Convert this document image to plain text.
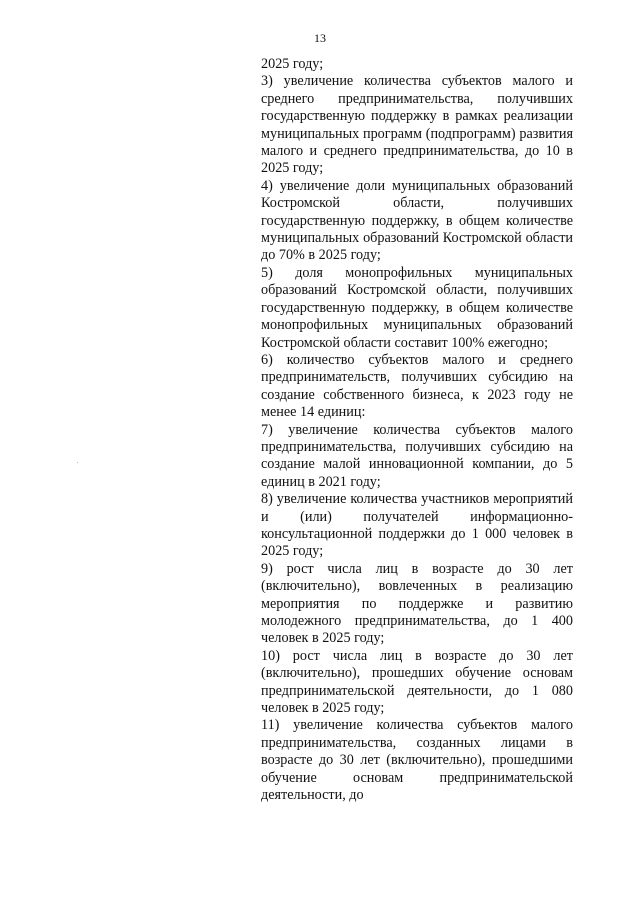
13

2025 году;

3) увеличение количества субъектов малого и среднего предпринимательства, получивших государственную поддержку в рамках реализации муниципальных программ (подпрограмм) развития малого и среднего предпринимательства, до 10 в 2025 году;

4) увеличение доли муниципальных образований Костромской области, получивших государственную поддержку, в общем количестве муниципальных образований Костромской области до 70% в 2025 году;

5) доля монопрофильных муниципальных образований Костромской области, получивших государственную поддержку, в общем количестве монопрофильных муниципальных образований Костромской области составит 100% ежегодно;

6) количество субъектов малого и среднего предпринимательств, получивших субсидию на создание собственного бизнеса, к 2023 году не менее 14 единиц:

7) увеличение количества субъектов малого предпринимательства, получивших субсидию на создание малой инновационной компании, до 5 единиц в 2021 году;

8) увеличение количества участников мероприятий и (или) получателей информационно-консультационной поддержки до 1 000 человек в 2025 году;

9) рост числа лиц в возрасте до 30 лет (включительно), вовлеченных в реализацию мероприятия по поддержке и развитию молодежного предпринимательства, до 1 400 человек в 2025 году;

10) рост числа лиц в возрасте до 30 лет (включительно), прошедших обучение основам предпринимательской деятельности, до 1 080 человек в 2025 году;

11) увеличение количества субъектов малого предпринимательства, созданных лицами в возрасте до 30 лет (включительно), прошедшими обучение основам предпринимательской деятельности, до
